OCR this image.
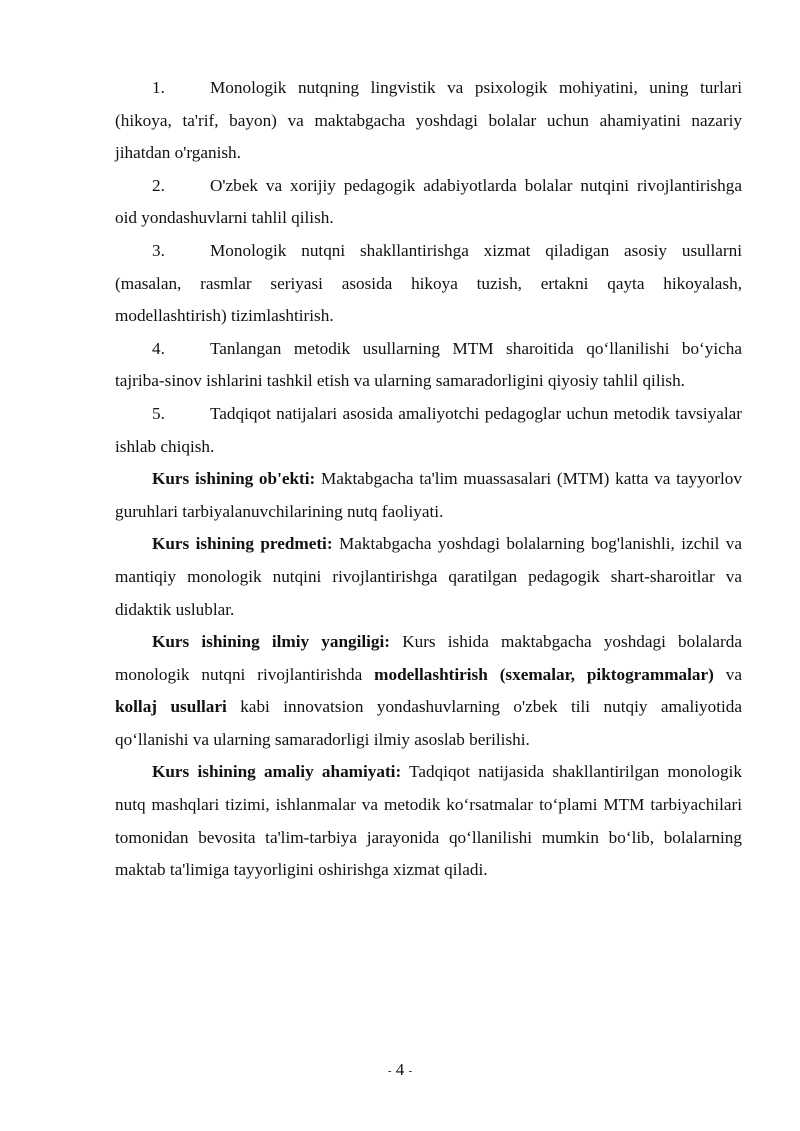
1.	Monologik nutqning lingvistik va psixologik mohiyatini, uning turlari (hikoya, ta'rif, bayon) va maktabgacha yoshdagi bolalar uchun ahamiyatini nazariy jihatdan o'rganish.

2.	O'zbek va xorijiy pedagogik adabiyotlarda bolalar nutqini rivojlantirishga oid yondashuvlarni tahlil qilish.

3.	Monologik nutqni shakllantirishga xizmat qiladigan asosiy usullarni (masalan, rasmlar seriyasi asosida hikoya tuzish, ertakni qayta hikoyalash, modellashtirish) tizimlashtirish.

4.	Tanlangan metodik usullarning MTM sharoitida qo‘llanilishi bo‘yicha tajriba-sinov ishlarini tashkil etish va ularning samaradorligini qiyosiy tahlil qilish.

5.	Tadqiqot natijalari asosida amaliyotchi pedagoglar uchun metodik tavsiyalar ishlab chiqish.

Kurs ishining ob'ekti: Maktabgacha ta'lim muassasalari (MTM) katta va tayyorlov guruhlari tarbiyalanuvchilarining nutq faoliyati.

Kurs ishining predmeti: Maktabgacha yoshdagi bolalarning bog'lanishli, izchil va mantiqiy monologik nutqini rivojlantirishga qaratilgan pedagogik shart-sharoitlar va didaktik uslublar.

Kurs ishining ilmiy yangiligi: Kurs ishida maktabgacha yoshdagi bolalarda monologik nutqni rivojlantirishda modellashtirish (sxemalar, piktogrammalar) va kollaj usullari kabi innovatsion yondashuvlarning o'zbek tili nutqiy amaliyotida qo‘llanishi va ularning samaradorligi ilmiy asoslab berilishi.

Kurs ishining amaliy ahamiyati: Tadqiqot natijasida shakllantirilgan monologik nutq mashqlari tizimi, ishlanmalar va metodik ko‘rsatmalar to‘plami MTM tarbiyachilari tomonidan bevosita ta'lim-tarbiya jarayonida qo‘llanilishi mumkin bo‘lib, bolalarning maktab ta'limiga tayyorligini oshirishga xizmat qiladi.

- 4 -
